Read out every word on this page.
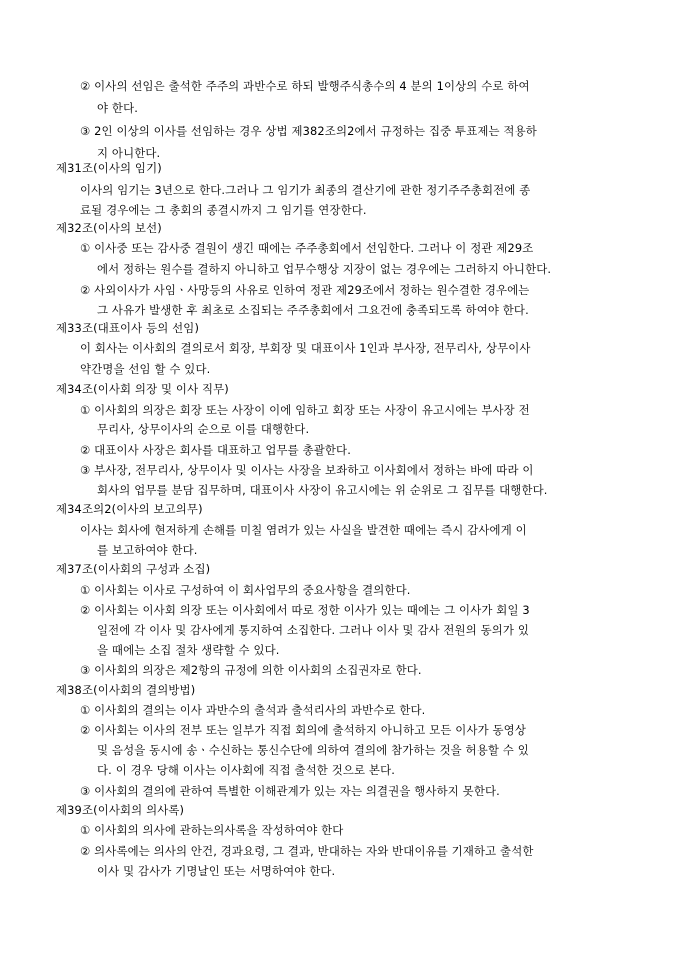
② 이사의 선임은 출석한 주주의 과반수로 하되 발행주식총수의 4 분의 1이상의 수로 하여
야 한다.
③ 2인 이상의 이사를 선임하는 경우 상법 제382조의2에서 규정하는 집중 투표제는 적용하
지 아니한다.
제31조(이사의 임기)
이사의 임기는 3년으로 한다.그러나 그 임기가 최종의 결산기에 관한 정기주주총회전에 종
료될 경우에는 그 총회의 종결시까지 그 임기를 연장한다.
제32조(이사의 보선)
① 이사중 또는 감사중 결원이 생긴 때에는 주주총회에서 선임한다. 그러나 이 정관 제29조
에서 정하는 원수를 결하지 아니하고 업무수행상 지장이 없는 경우에는 그러하지 아니한다.
② 사외이사가 사임ㆍ사망등의 사유로 인하여 정관 제29조에서 정하는 원수결한 경우에는
그 사유가 발생한 후 최초로 소집되는 주주총회에서 그요건에 충족되도록 하여야 한다.
제33조(대표이사 등의 선임)
이 회사는 이사회의 결의로서 회장, 부회장 및 대표이사 1인과 부사장, 전무리사, 상무이사
약간명을 선임 할 수 있다.
제34조(이사회 의장 및 이사 직무)
① 이사회의 의장은 회장 또는 사장이 이에 임하고 회장 또는 사장이 유고시에는 부사장 전
무리사, 상무이사의 순으로 이를 대행한다.
② 대표이사 사장은 회사를 대표하고 업무를 총괄한다.
③ 부사장, 전무리사, 상무이사 및 이사는 사장을 보좌하고 이사회에서 정하는 바에 따라 이
회사의 업무를 분담 집무하며, 대표이사 사장이 유고시에는 위 순위로 그 집무를 대행한다.
제34조의2(이사의 보고의무)
이사는 회사에 현저하게 손해를 미칠 염려가 있는 사실을 발견한 때에는 즉시 감사에게 이
를 보고하여야 한다.
제37조(이사회의 구성과 소집)
① 이사회는 이사로 구성하여 이 회사업무의 중요사항을 결의한다.
② 이사회는 이사회 의장 또는 이사회에서 따로 정한 이사가 있는 때에는 그 이사가 회일 3
일전에 각 이사 및 감사에게 통지하여 소집한다. 그러나 이사 및 감사 전원의 동의가 있
을 때에는 소집 절차 생략할 수 있다.
③ 이사회의 의장은 제2항의 규정에 의한 이사회의 소집권자로 한다.
제38조(이사회의 결의방법)
① 이사회의 결의는 이사 과반수의 출석과 출석리사의 과반수로 한다.
② 이사회는 이사의 전부 또는 일부가 직접 회의에 출석하지 아니하고 모든 이사가 동영상
및 음성을 동시에 송ㆍ수신하는 통신수단에 의하여 결의에 참가하는 것을 허용할 수 있
다. 이 경우 당해 이사는 이사회에 직접 출석한 것으로 본다.
③ 이사회의 결의에 관하여 특별한 이해관계가 있는 자는 의결권을 행사하지 못한다.
제39조(이사회의 의사록)
① 이사회의 의사에 관하는의사록을 작성하여야 한다
② 의사록에는 의사의 안건, 경과요령, 그 결과, 반대하는 자와 반대이유를 기재하고 출석한
이사 및 감사가 기명날인 또는 서명하여야 한다.
